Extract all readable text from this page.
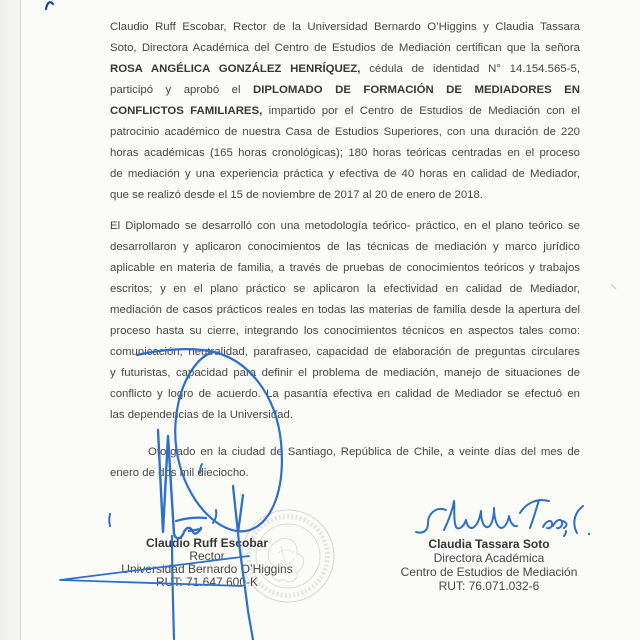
Claudio Ruff Escobar, Rector de la Universidad Bernardo O’Higgins y Claudia Tassara
Soto, Directora Académica del Centro de Estudios de Mediación certifican que la señora
ROSA ANGÉLICA GONZÁLEZ HENRÍQUEZ, cédula de identidad N° 14.154.565-5,
participó y aprobó el DIPLOMADO DE FORMACIÓN DE MEDIADORES EN
CONFLICTOS FAMILIARES, impartido por el Centro de Estudios de Mediación con el
patrocinio académico de nuestra Casa de Estudios Superiores, con una duración de 220
horas académicas (165 horas cronológicas); 180 horas teóricas centradas en el proceso
de mediación y una experiencia práctica y efectiva de 40 horas en calidad de Mediador,
que se realizó desde el 15 de noviembre de 2017 al 20 de enero de 2018.
El Diplomado se desarrolló con una metodología teórico- práctico, en el plano teórico se
desarrollaron y aplicaron conocimientos de las técnicas de mediación y marco jurídico
aplicable en materia de familia, a través de pruebas de conocimientos teóricos y trabajos
escritos; y en el plano práctico se aplicaron la efectividad en calidad de Mediador,
mediación de casos prácticos reales en todas las materias de familia desde la apertura del
proceso hasta su cierre, integrando los conocimientos técnicos en aspectos tales como:
comunicación, neutralidad, parafraseo, capacidad de elaboración de preguntas circulares
y futuristas, capacidad para definir el problema de mediación, manejo de situaciones de
conflicto y logro de acuerdo. La pasantía efectiva en calidad de Mediador se efectuó en
las dependencias de la Universidad.
Otorgado en la ciudad de Santiago, República de Chile, a veinte días del mes de
enero de dos mil dieciocho.
Claudio Ruff Escobar
Rector
Universidad Bernardo O’Higgins
RUT: 71.647.600-K
Claudia Tassara Soto
Directora Académica
Centro de Estudios de Mediación
RUT: 76.071.032-6
